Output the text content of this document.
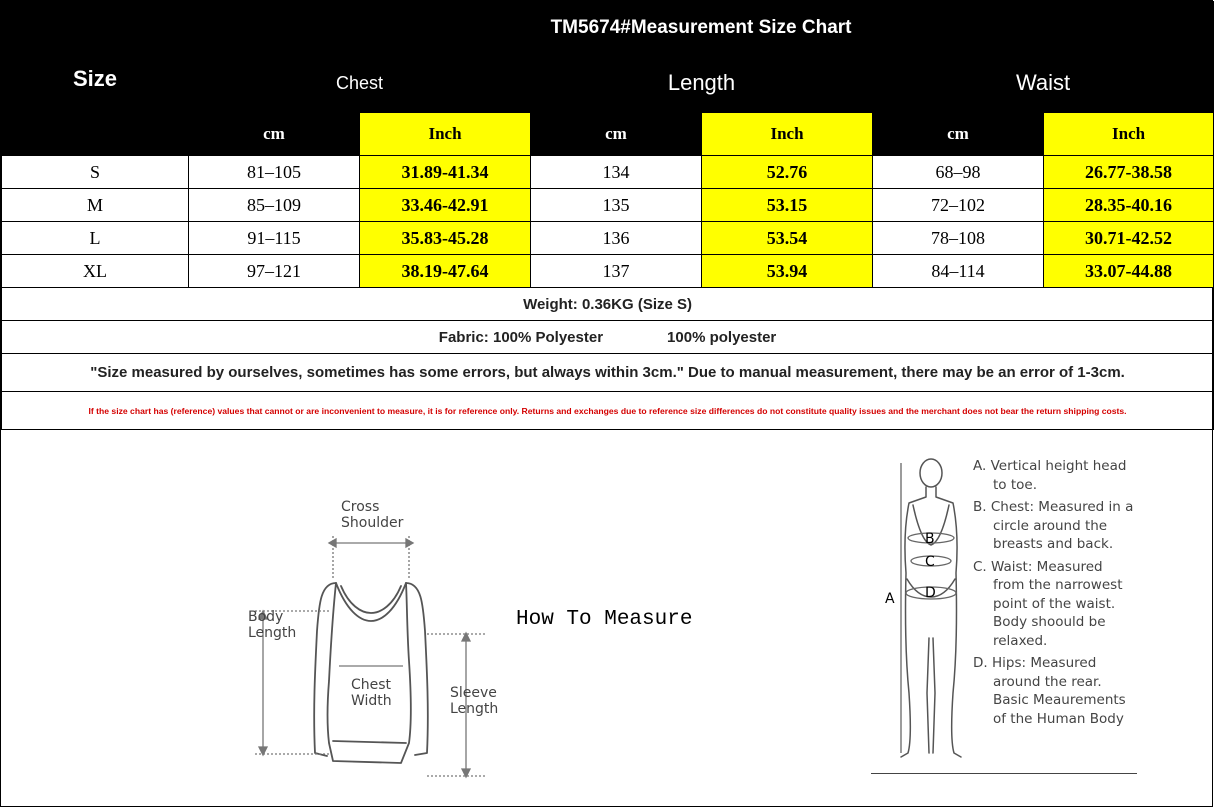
Size	TM5674#Measurement Size Chart					
	Chest		Length		Waist	
	cm	Inch	cm	Inch	cm	Inch
S	81–105	31.89-41.34	134	52.76	68–98	26.77-38.58
M	85–109	33.46-42.91	135	53.15	72–102	28.35-40.16
L	91–115	35.83-45.28	136	53.54	78–108	30.71-42.52
XL	97–121	38.19-47.64	137	53.94	84–114	33.07-44.88
Weight: 0.36KG (Size S)						
Fabric: 100% Polyester 100% polyester						
"Size measured by ourselves, sometimes has some errors, but always within 3cm." Due to manual measurement, there may be an error of 1-3cm.						
If the size chart has (reference) values that cannot or are inconvenient to measure, it is for reference only. Returns and exchanges due to reference size differences do not constitute quality issues and the merchant does not bear the return shipping costs.						
Cross
Shoulder
Body
Length
Chest
Width	Sleeve
Length
How To Measure
A
B
C
D
A. Vertical height head
to toe.
B. Chest: Measured in a
circle around the
breasts and back.
C. Waist: Measured
from the narrowest
point of the waist.
Body shoould be
relaxed.
D. Hips: Measured
around the rear.
Basic Meaurements
of the Human Body
